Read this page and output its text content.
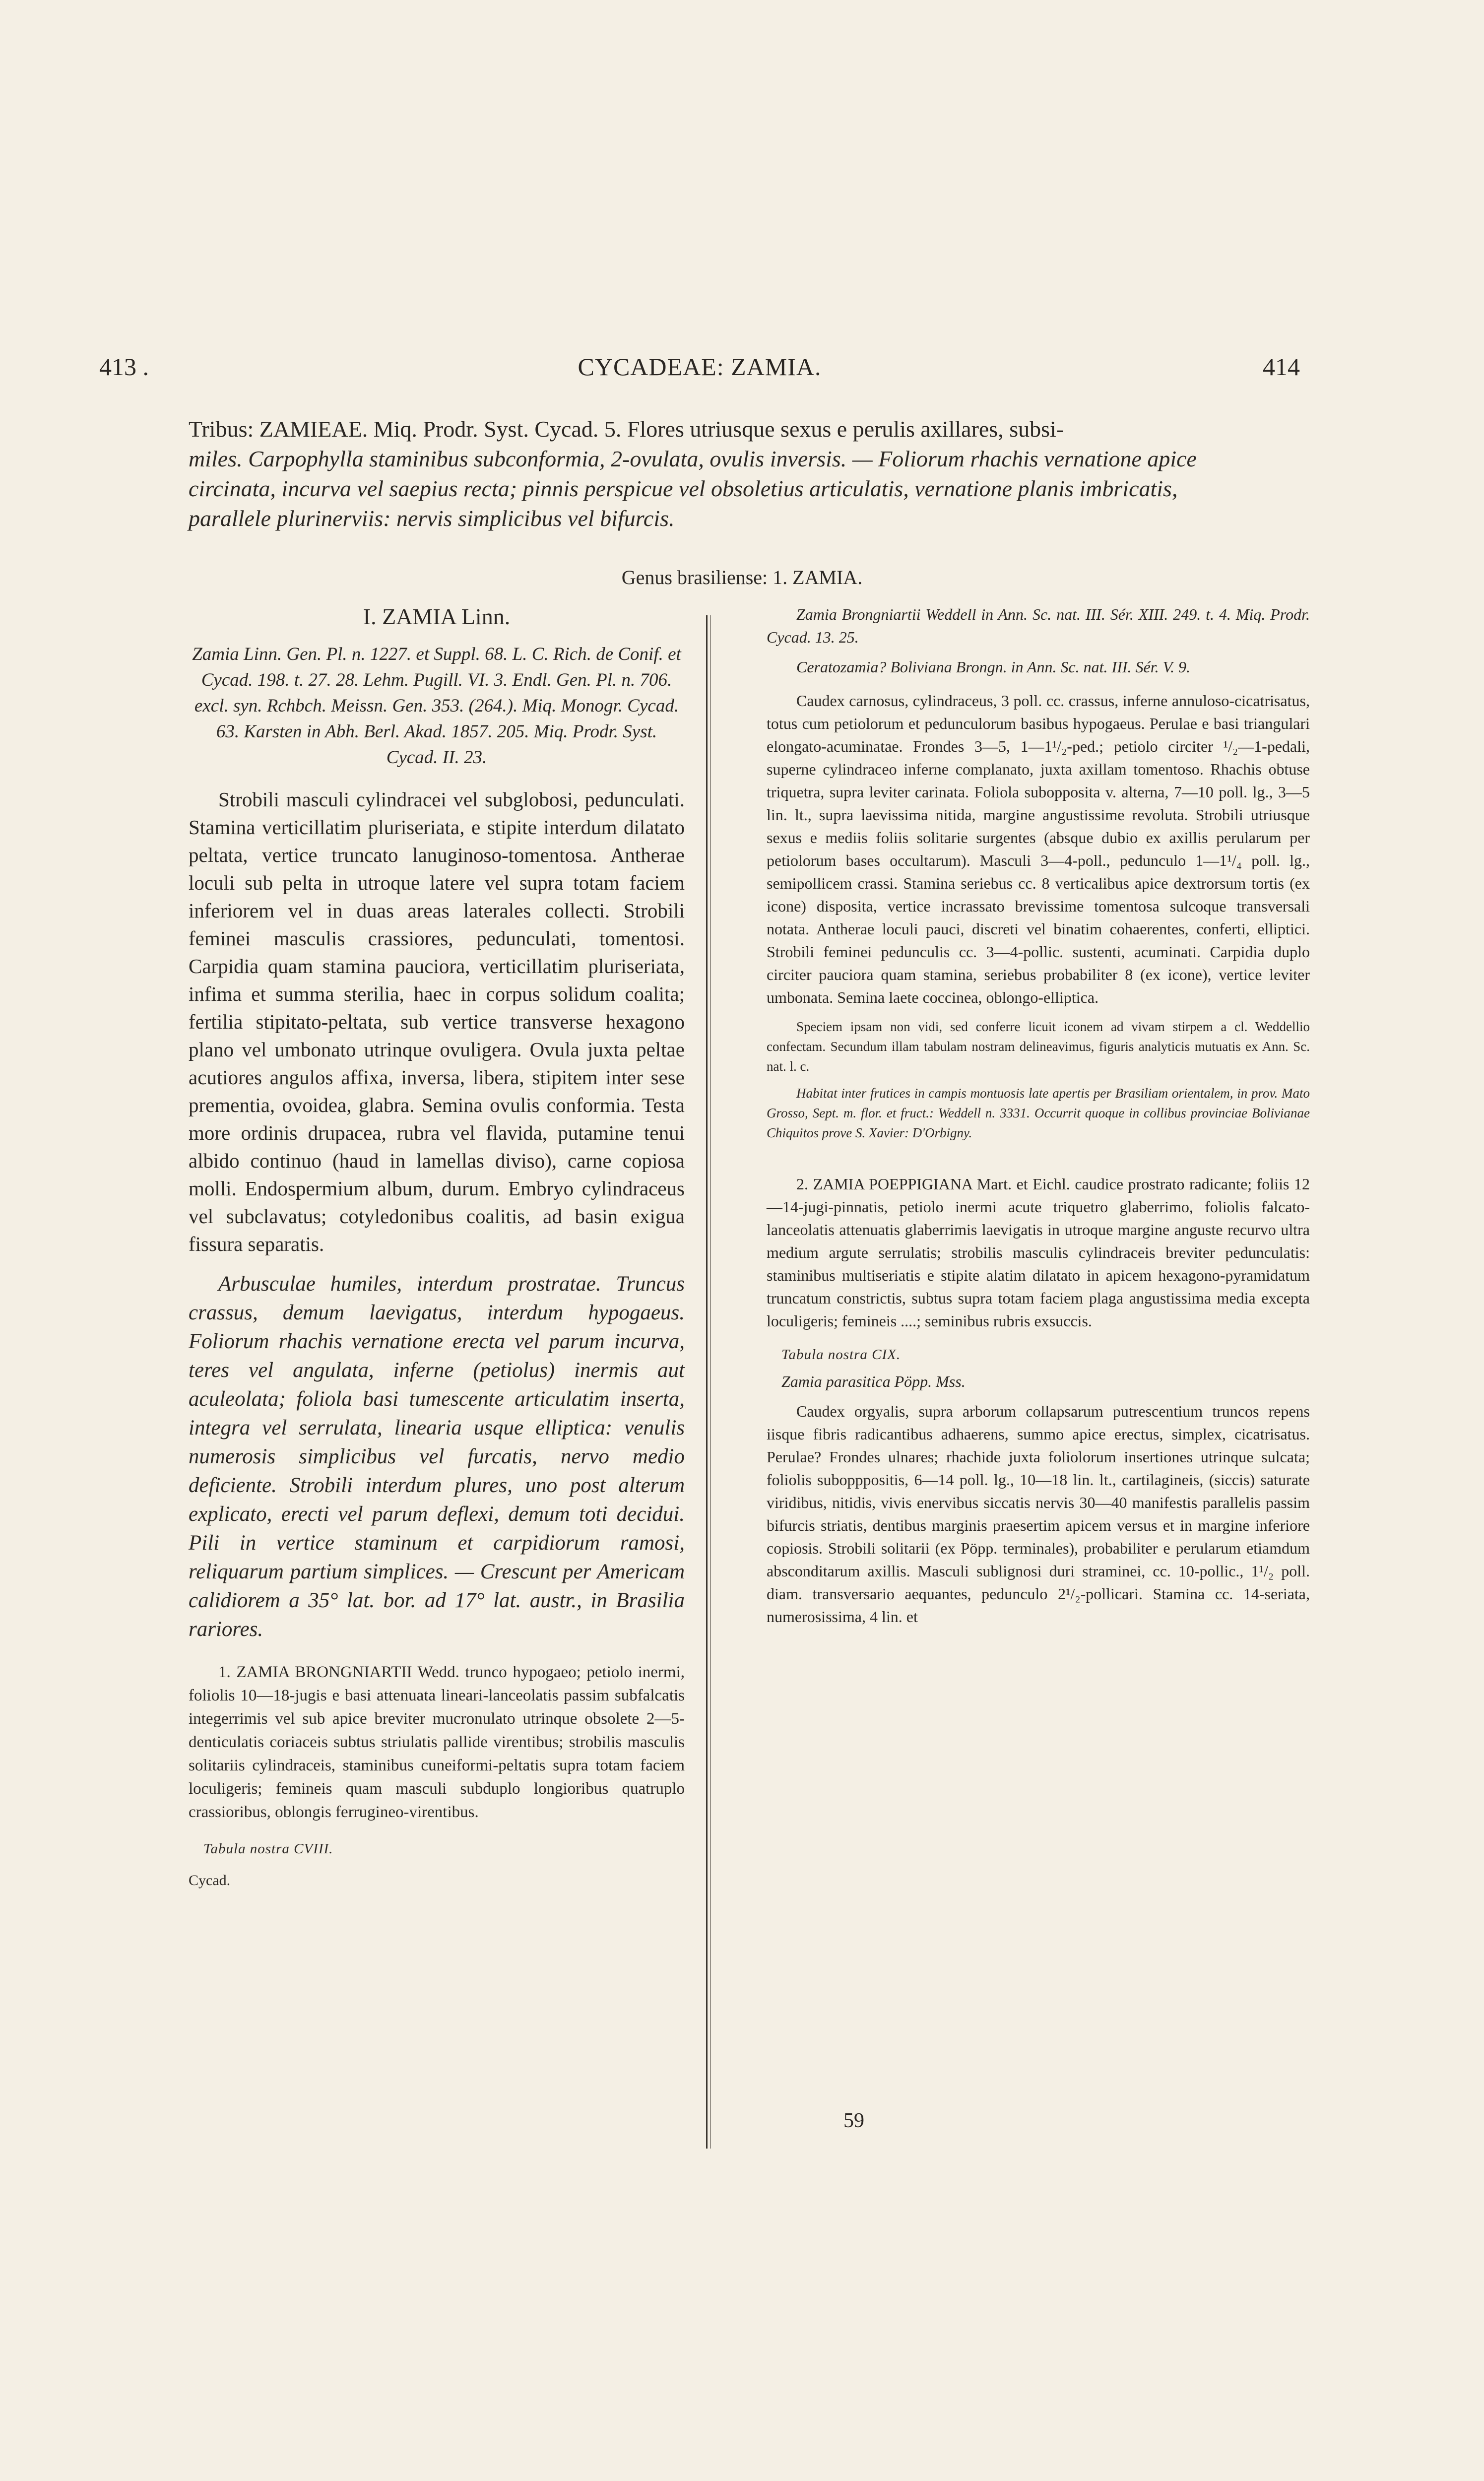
413 .	CYCADEAE: ZAMIA.	414
Tribus: ZAMIEAE. Miq. Prodr. Syst. Cycad. 5. Flores utriusque sexus e perulis axillares, subsi-
miles. Carpophylla staminibus subconformia, 2-ovulata, ovulis inversis. — Foliorum rhachis vernatione apice
circinata, incurva vel saepius recta; pinnis perspicue vel obsoletius articulatis, vernatione planis imbricatis,
parallele plurinerviis: nervis simplicibus vel bifurcis.
Genus brasiliense: 1. ZAMIA.

I. ZAMIA Linn.

Zamia Linn. Gen. Pl. n. 1227. et Suppl. 68. L. C. Rich. de Conif. et Cycad. 198. t. 27. 28. Lehm. Pugill. VI. 3. Endl. Gen. Pl. n. 706. excl. syn. Rchbch. Meissn. Gen. 353. (264.). Miq. Monogr. Cycad. 63. Karsten in Abh. Berl. Akad. 1857. 205. Miq. Prodr. Syst. Cycad. II. 23.

Strobili masculi cylindracei vel subglobosi, pedunculati. Stamina verticillatim pluriseriata, e stipite interdum dilatato peltata, vertice truncato lanuginoso-tomentosa. Antherae loculi sub pelta in utroque latere vel supra totam faciem inferiorem vel in duas areas laterales collecti. Strobili feminei masculis crassiores, pedunculati, tomentosi. Carpidia quam stamina pauciora, verticillatim pluriseriata, infima et summa sterilia, haec in corpus solidum coalita; fertilia stipitato-peltata, sub vertice transverse hexagono plano vel umbonato utrinque ovuligera. Ovula juxta peltae acutiores angulos affixa, inversa, libera, stipitem inter sese prementia, ovoidea, glabra. Semina ovulis conformia. Testa more ordinis drupacea, rubra vel flavida, putamine tenui albido continuo (haud in lamellas diviso), carne copiosa molli. Endospermium album, durum. Embryo cylindraceus vel subclavatus; cotyledonibus coalitis, ad basin exigua fissura separatis.

Arbusculae humiles, interdum prostratae. Truncus crassus, demum laevigatus, interdum hypogaeus. Foliorum rhachis vernatione erecta vel parum incurva, teres vel angulata, inferne (petiolus) inermis aut aculeolata; foliola basi tumescente articulatim inserta, integra vel serrulata, linearia usque elliptica: venulis numerosis simplicibus vel furcatis, nervo medio deficiente. Strobili interdum plures, uno post alterum explicato, erecti vel parum deflexi, demum toti decidui. Pili in vertice staminum et carpidiorum ramosi, reliquarum partium simplices. — Crescunt per Americam calidiorem a 35° lat. bor. ad 17° lat. austr., in Brasilia rariores.

1. ZAMIA BRONGNIARTII Wedd. trunco hypogaeo; petiolo inermi, foliolis 10—18-jugis e basi attenuata lineari-lanceolatis passim subfalcatis integerrimis vel sub apice breviter mucronulato utrinque obsolete 2—5-denticulatis coriaceis subtus striulatis pallide virentibus; strobilis masculis solitariis cylindraceis, staminibus cuneiformi-peltatis supra totam faciem loculigeris; femineis quam masculi subduplo longioribus quatruplo crassioribus, oblongis ferrugineo-virentibus.

Tabula nostra CVIII.

Cycad.

Zamia Brongniartii Weddell in Ann. Sc. nat. III. Sér. XIII. 249. t. 4. Miq. Prodr. Cycad. 13. 25.

Ceratozamia? Boliviana Brongn. in Ann. Sc. nat. III. Sér. V. 9.

Caudex carnosus, cylindraceus, 3 poll. cc. crassus, inferne annuloso-cicatrisatus, totus cum petiolorum et pedunculorum basibus hypogaeus. Perulae e basi triangulari elongato-acuminatae. Frondes 3—5, 1—1¹/₂-ped.; petiolo circiter ¹/₂—1-pedali, superne cylindraceo inferne complanato, juxta axillam tomentoso. Rhachis obtuse triquetra, supra leviter carinata. Foliola subopposita v. alterna, 7—10 poll. lg., 3—5 lin. lt., supra laevissima nitida, margine angustissime revoluta. Strobili utriusque sexus e mediis foliis solitarie surgentes (absque dubio ex axillis perularum per petiolorum bases occultarum). Masculi 3—4-poll., pedunculo 1—1¹/₄ poll. lg., semipollicem crassi. Stamina seriebus cc. 8 verticalibus apice dextrorsum tortis (ex icone) disposita, vertice incrassato brevissime tomentosa sulcoque transversali notata. Antherae loculi pauci, discreti vel binatim cohaerentes, conferti, elliptici. Strobili feminei pedunculis cc. 3—4-pollic. sustenti, acuminati. Carpidia duplo circiter pauciora quam stamina, seriebus probabiliter 8 (ex icone), vertice leviter umbonata. Semina laete coccinea, oblongo-elliptica.

Speciem ipsam non vidi, sed conferre licuit iconem ad vivam stirpem a cl. Weddellio confectam. Secundum illam tabulam nostram delineavimus, figuris analyticis mutuatis ex Ann. Sc. nat. l. c.

Habitat inter frutices in campis montuosis late apertis per Brasiliam orientalem, in prov. Mato Grosso, Sept. m. flor. et fruct.: Weddell n. 3331. Occurrit quoque in collibus provinciae Bolivianae Chiquitos prove S. Xavier: D'Orbigny.

2. ZAMIA POEPPIGIANA Mart. et Eichl. caudice prostrato radicante; foliis 12—14-jugi-pinnatis, petiolo inermi acute triquetro glaberrimo, foliolis falcato-lanceolatis attenuatis glaberrimis laevigatis in utroque margine anguste recurvo ultra medium argute serrulatis; strobilis masculis cylindraceis breviter pedunculatis: staminibus multiseriatis e stipite alatim dilatato in apicem hexagono-pyramidatum truncatum constrictis, subtus supra totam faciem plaga angustissima media excepta loculigeris; femineis ....; seminibus rubris exsuccis.

Tabula nostra CIX.

Zamia parasitica Pöpp. Mss.

Caudex orgyalis, supra arborum collapsarum putrescentium truncos repens iisque fibris radicantibus adhaerens, summo apice erectus, simplex, cicatrisatus. Perulae? Frondes ulnares; rhachide juxta foliolorum insertiones utrinque sulcata; foliolis subopppositis, 6—14 poll. lg., 10—18 lin. lt., cartilagineis, (siccis) saturate viridibus, nitidis, vivis enervibus siccatis nervis 30—40 manifestis parallelis passim bifurcis striatis, dentibus marginis praesertim apicem versus et in margine inferiore copiosis. Strobili solitarii (ex Pöpp. terminales), probabiliter e perularum etiamdum absconditarum axillis. Masculi sublignosi duri straminei, cc. 10-pollic., 1¹/₂ poll. diam. transversario aequantes, pedunculo 2¹/₂-pollicari. Stamina cc. 14-seriata, numerosissima, 4 lin. et

59
